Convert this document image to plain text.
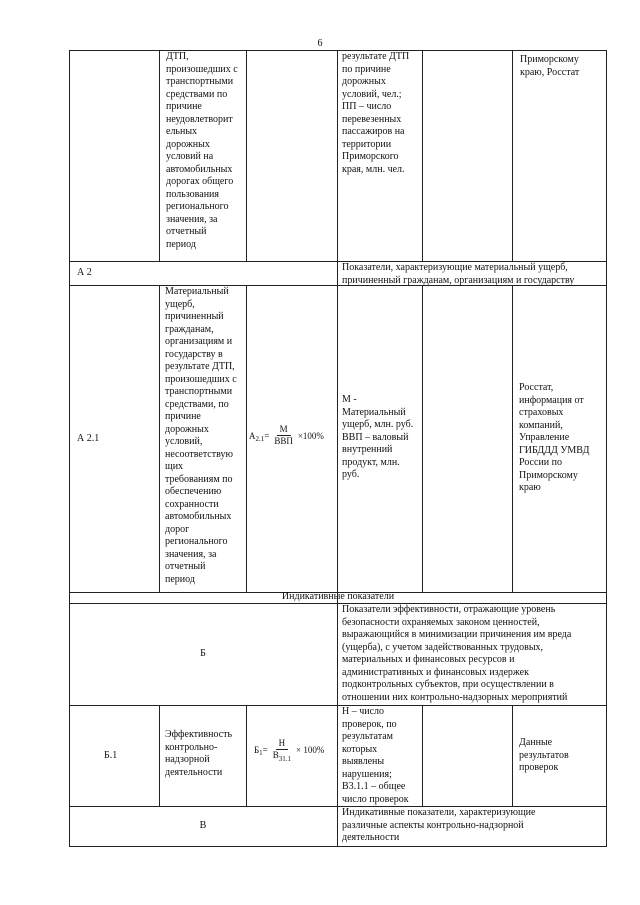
6
ДТП,
произошедших с
транспортными
средствами по
причине
неудовлетворит
ельных
дорожных
условий на
автомобильных
дорогах общего
пользования
регионального
значения, за
отчетный
период
результате ДТП
по причине
дорожных
условий, чел.;
ПП – число
перевезенных
пассажиров на
территории
Приморского
края, млн. чел.
Приморскому
краю, Росстат
А 2	Показатели, характеризующие материальный ущерб,
причиненный гражданам, организациям и государству
А 2.1
Материальный
ущерб,
причиненный
гражданам,
организациям и
государству в
результате ДТП,
произошедших с
транспортными
средствами, по
причине
дорожных
условий,
несоответствую
щих
требованиям по
обеспечению
сохранности
автомобильных
дорог
регионального
значения, за
отчетный
период
A $2.1 = \frac{M}{\text{ВВП}} \times 100\%$
М -
Материальный
ущерб, млн. руб.
ВВП – валовый
внутренний
продукт, млн.
руб.
Росстат,
информация от
страховых
компаний,
Управление
ГИБДДД УМВД
России по
Приморскому
краю
Индикативные показатели
Б
Показатели эффективности, отражающие уровень
безопасности охраняемых законом ценностей,
выражающийся в минимизации причинения им вреда
(ущерба), с учетом задействованных трудовых,
материальных и финансовых ресурсов и
административных и финансовых издержек
подконтрольных субъектов, при осуществлении в
отношении них контрольно-надзорных мероприятий
Б.1
Эффективность
контрольно-
надзорной
деятельности
Б $1 = \frac{Н}{В_{31.1}} \times 100\%$
Н – число
проверок, по
результатам
которых
выявлены
нарушения;
В3.1.1 – общее
число проверок
Данные
результатов
проверок
В
Индикативные показатели, характеризующие
различные аспекты контрольно-надзорной
деятельности
